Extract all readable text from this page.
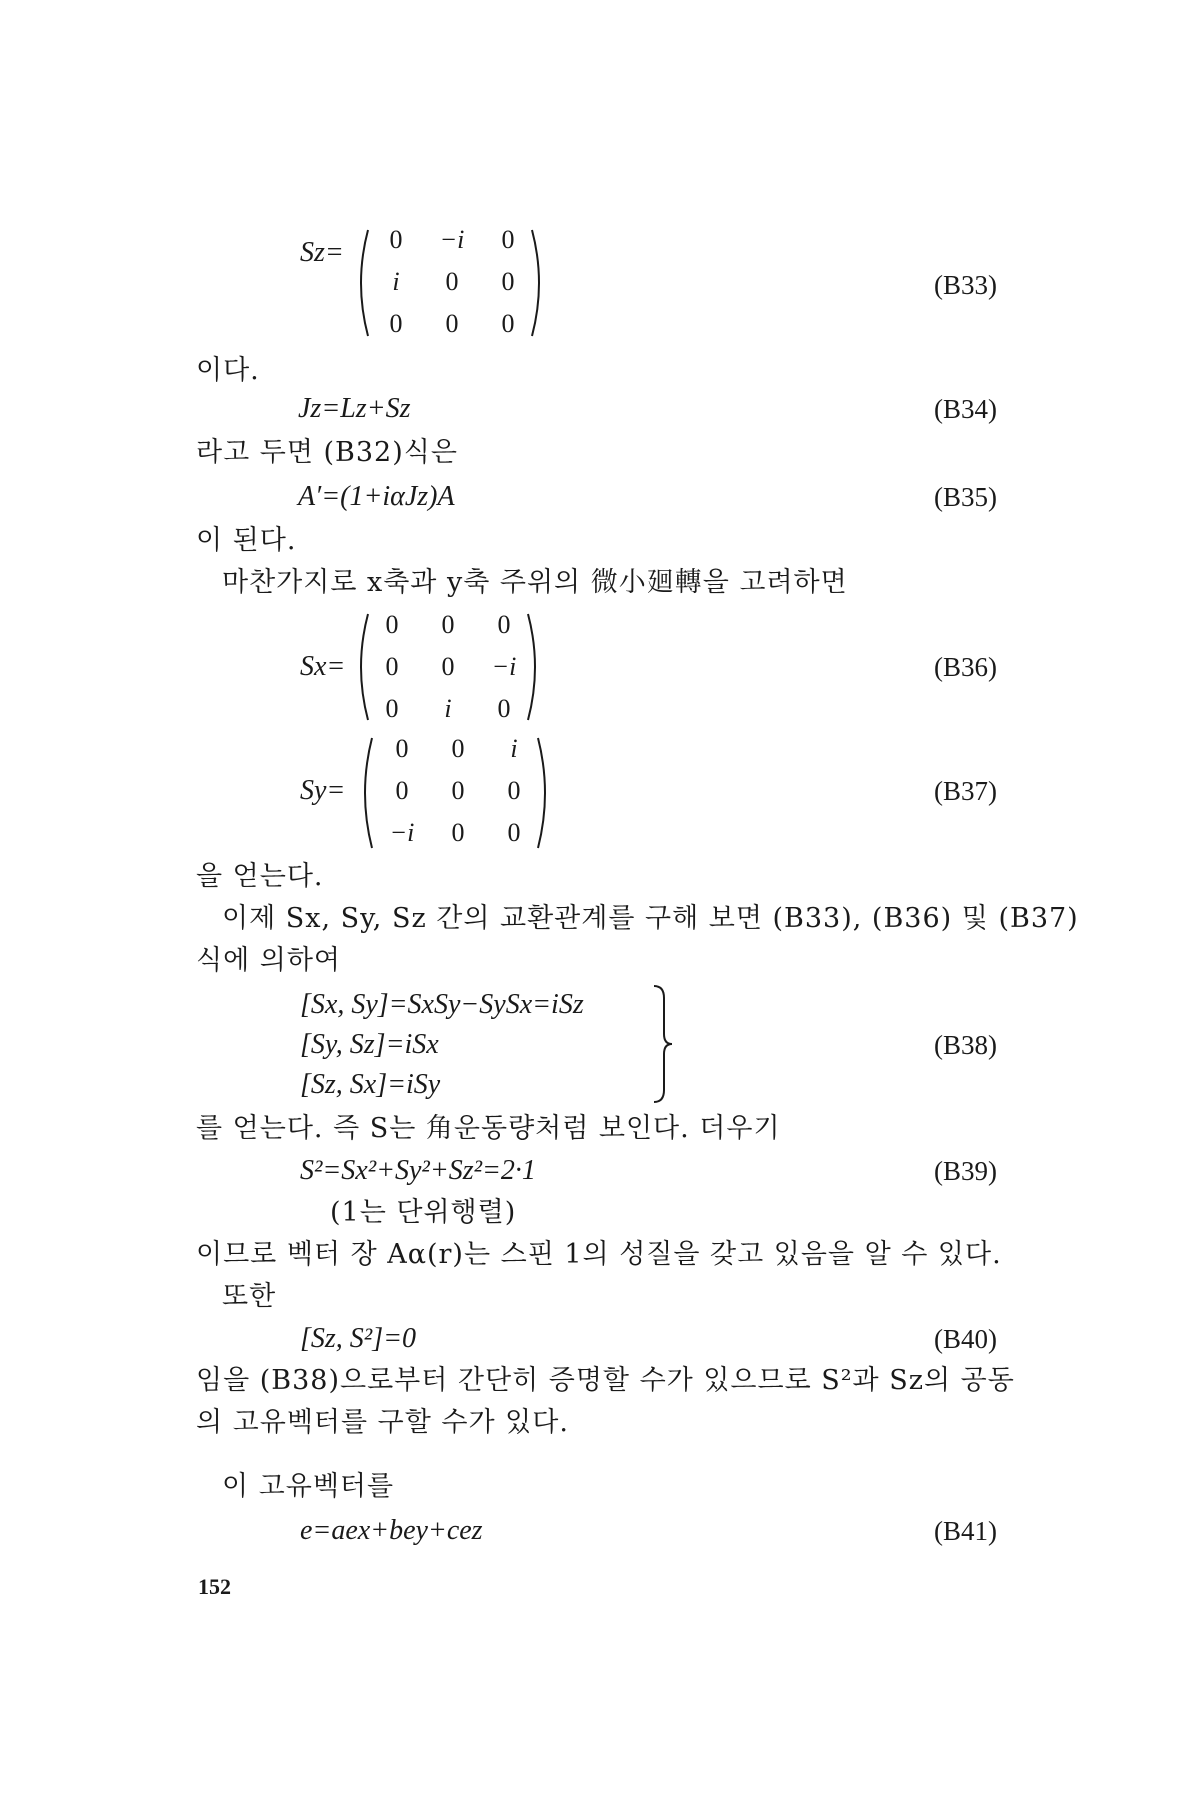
Sz=	0	−i	0
i	0	0
0	0	0
(B33)
이다.
Jz=Lz+Sz	(B34)
라고 두면 (B32)식은
A′=(1+iαJz)A	(B35)
이 된다.
마찬가지로 x축과 y축 주위의 微小廻轉을 고려하면
Sx=
0	0	0
0	0	−i
0	i	0
(B36)
Sy=
0	0	i
0	0	0
−i	0	0
(B37)
을 얻는다.
이제 Sx, Sy, Sz 간의 교환관계를 구해 보면 (B33), (B36) 및 (B37)
식에 의하여
[Sx, Sy]=SxSy−SySx=iSz
[Sy, Sz]=iSx
[Sz, Sx]=iSy
(B38)
를 얻는다. 즉 S는 角운동량처럼 보인다. 더우기
S²=Sx²+Sy²+Sz²=2·1	(B39)
(1는 단위행렬)
이므로 벡터 장 Aα(r)는 스핀 1의 성질을 갖고 있음을 알 수 있다.
또한
[Sz, S²]=0	(B40)
임을 (B38)으로부터 간단히 증명할 수가 있으므로 S²과 Sz의 공동
의 고유벡터를 구할 수가 있다.
이 고유벡터를
e=aex+bey+cez	(B41)
152
